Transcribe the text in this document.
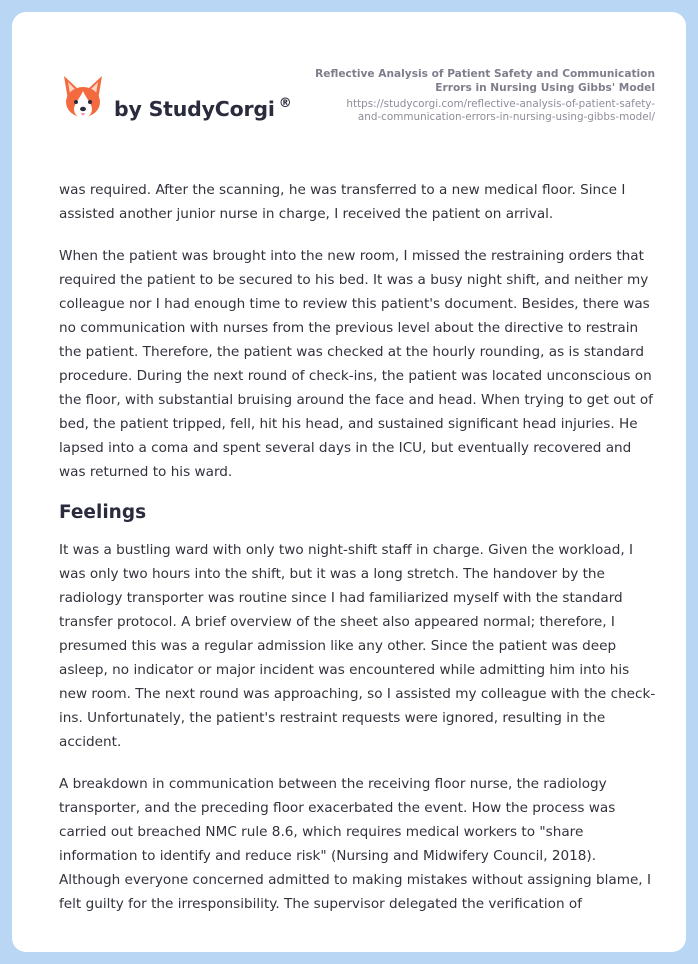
by StudyCorgi ®
Reflective Analysis of Patient Safety and Communication
Errors in Nursing Using Gibbs' Model
https://studycorgi.com/reflective-analysis-of-patient-safety-
and-communication-errors-in-nursing-using-gibbs-model/

was required. After the scanning, he was transferred to a new medical floor. Since I assisted another junior nurse in charge, I received the patient on arrival.

When the patient was brought into the new room, I missed the restraining orders that required the patient to be secured to his bed. It was a busy night shift, and neither my colleague nor I had enough time to review this patient's document. Besides, there was no communication with nurses from the previous level about the directive to restrain the patient. Therefore, the patient was checked at the hourly rounding, as is standard procedure. During the next round of check-ins, the patient was located unconscious on the floor, with substantial bruising around the face and head. When trying to get out of bed, the patient tripped, fell, hit his head, and sustained significant head injuries. He lapsed into a coma and spent several days in the ICU, but eventually recovered and was returned to his ward.

Feelings

It was a bustling ward with only two night-shift staff in charge. Given the workload, I was only two hours into the shift, but it was a long stretch. The handover by the radiology transporter was routine since I had familiarized myself with the standard transfer protocol. A brief overview of the sheet also appeared normal; therefore, I presumed this was a regular admission like any other. Since the patient was deep asleep, no indicator or major incident was encountered while admitting him into his new room. The next round was approaching, so I assisted my colleague with the check-ins. Unfortunately, the patient's restraint requests were ignored, resulting in the accident.

A breakdown in communication between the receiving floor nurse, the radiology transporter, and the preceding floor exacerbated the event. How the process was carried out breached NMC rule 8.6, which requires medical workers to "share information to identify and reduce risk" (Nursing and Midwifery Council, 2018). Although everyone concerned admitted to making mistakes without assigning blame, I felt guilty for the irresponsibility. The supervisor delegated the verification of
